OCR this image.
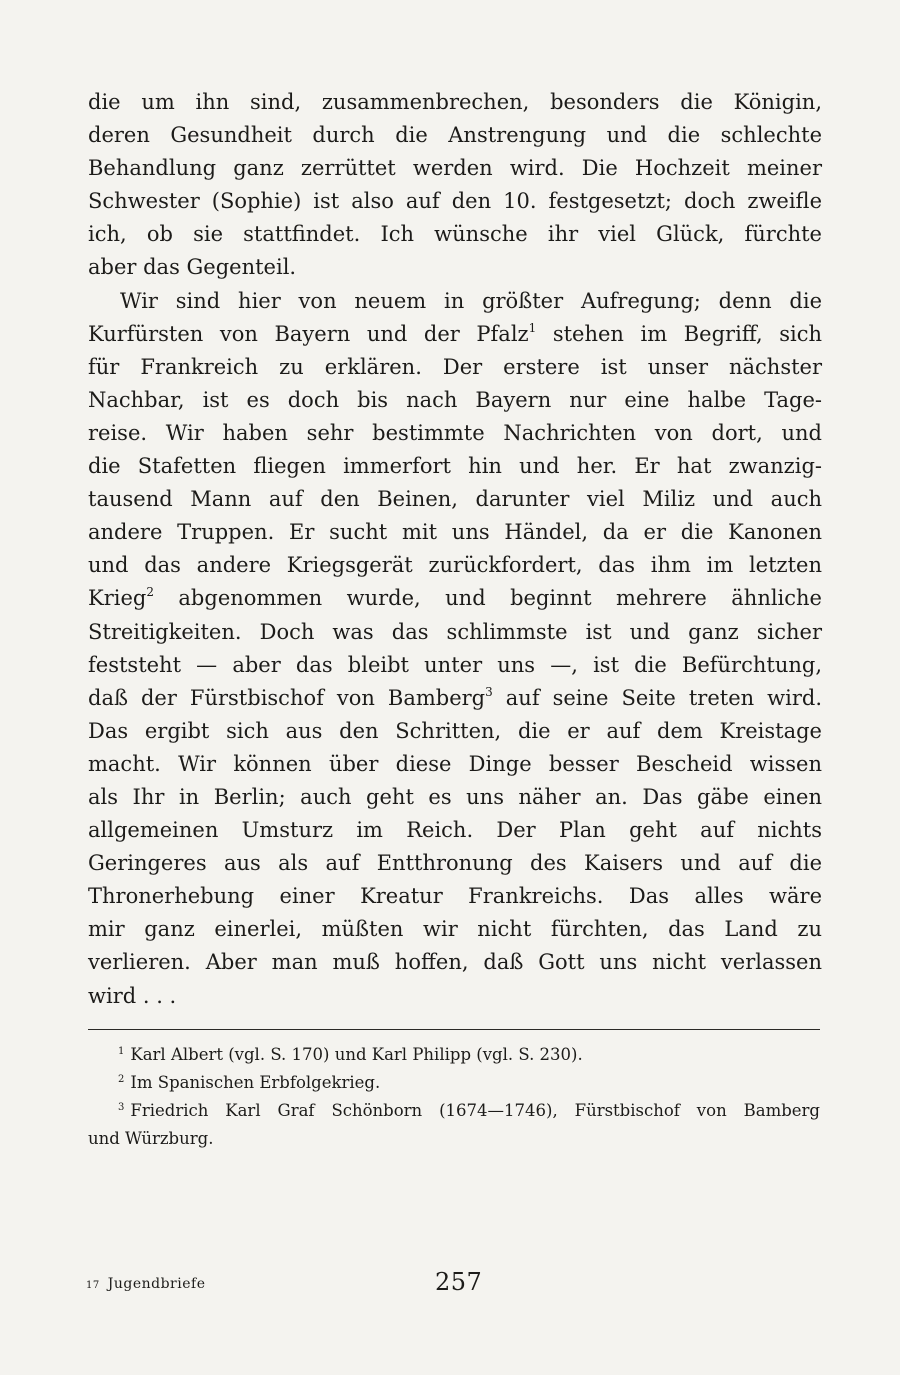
die um ihn sind, zusammenbrechen, besonders die Königin,
deren Gesundheit durch die Anstrengung und die schlechte
Behandlung ganz zerrüttet werden wird. Die Hochzeit meiner
Schwester (Sophie) ist also auf den 10. festgesetzt; doch zweifle
ich, ob sie stattfindet. Ich wünsche ihr viel Glück, fürchte
aber das Gegenteil.
Wir sind hier von neuem in größter Aufregung; denn die
Kurfürsten von Bayern und der Pfalz$^1$ stehen im Begriff, sich
für Frankreich zu erklären. Der erstere ist unser nächster
Nachbar, ist es doch bis nach Bayern nur eine halbe Tage-
reise. Wir haben sehr bestimmte Nachrichten von dort, und
die Stafetten fliegen immerfort hin und her. Er hat zwanzig-
tausend Mann auf den Beinen, darunter viel Miliz und auch
andere Truppen. Er sucht mit uns Händel, da er die Kanonen
und das andere Kriegsgerät zurückfordert, das ihm im letzten
Krieg$^2$ abgenommen wurde, und beginnt mehrere ähnliche
Streitigkeiten. Doch was das schlimmste ist und ganz sicher
feststeht — aber das bleibt unter uns —, ist die Befürchtung,
daß der Fürstbischof von Bamberg$^3$ auf seine Seite treten wird.
Das ergibt sich aus den Schritten, die er auf dem Kreistage
macht. Wir können über diese Dinge besser Bescheid wissen
als Ihr in Berlin; auch geht es uns näher an. Das gäbe einen
allgemeinen Umsturz im Reich. Der Plan geht auf nichts
Geringeres aus als auf Entthronung des Kaisers und auf die
Thronerhebung einer Kreatur Frankreichs. Das alles wäre
mir ganz einerlei, müßten wir nicht fürchten, das Land zu
verlieren. Aber man muß hoffen, daß Gott uns nicht verlassen
wird . . .
$^1$ Karl Albert (vgl. S. 170) und Karl Philipp (vgl. S. 230).
$^2$ Im Spanischen Erbfolgekrieg.
$^3$ Friedrich Karl Graf Schönborn (1674—1746), Fürstbischof von Bamberg
und Würzburg.
17 Jugendbriefe	257
